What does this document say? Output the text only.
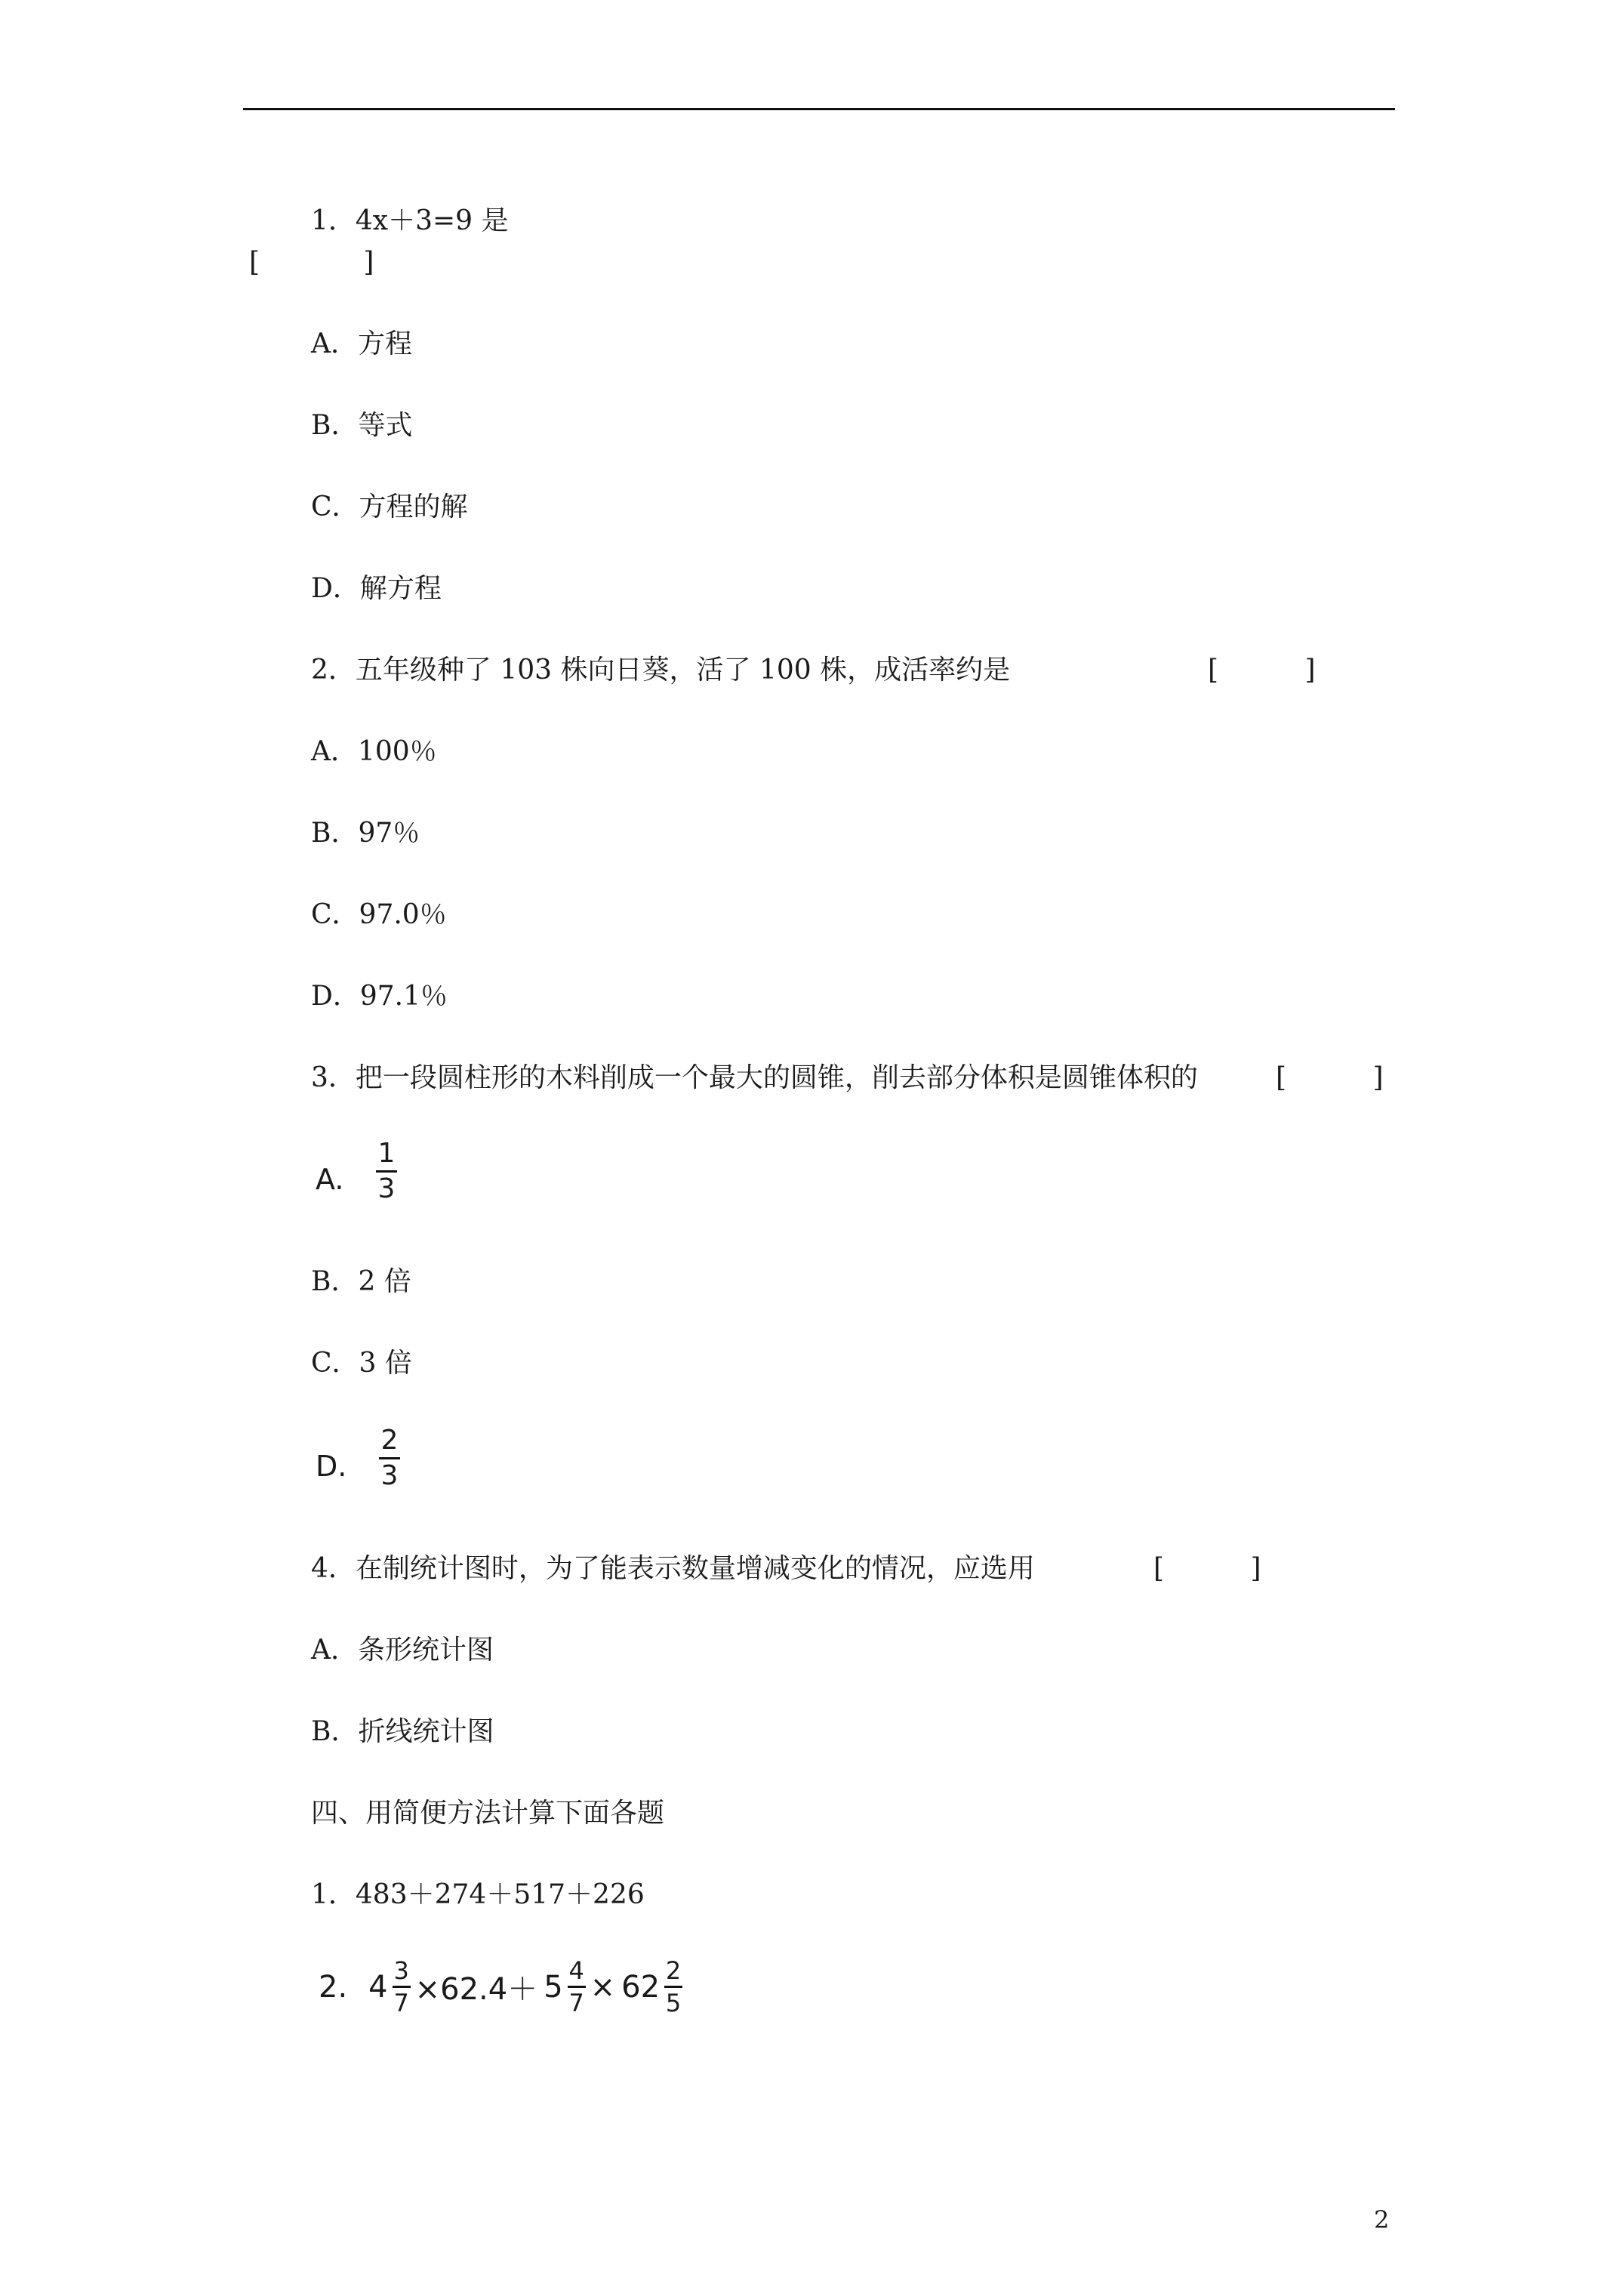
1．4x＋3=9 是
[            ]
A．方程
B．等式
C．方程的解
D．解方程
2．五年级种了 103 株向日葵，活了 100 株，成活率约是	[          ]
A．100％
B．97％
C．97.0％
D．97.1％
3．把一段圆柱形的木料削成一个最大的圆锥，削去部分体积是圆锥体积的	[          ]
A.
1
3
B．2 倍
C．3 倍
D.
2
3
4．在制统计图时，为了能表示数量增减变化的情况，应选用	[          ]
A．条形统计图
B．折线统计图
四、用简便方法计算下面各题
1．483＋274＋517＋226
2. 4 3
7 ×62.4＋ 5 4
7 × 62 2
5
2
